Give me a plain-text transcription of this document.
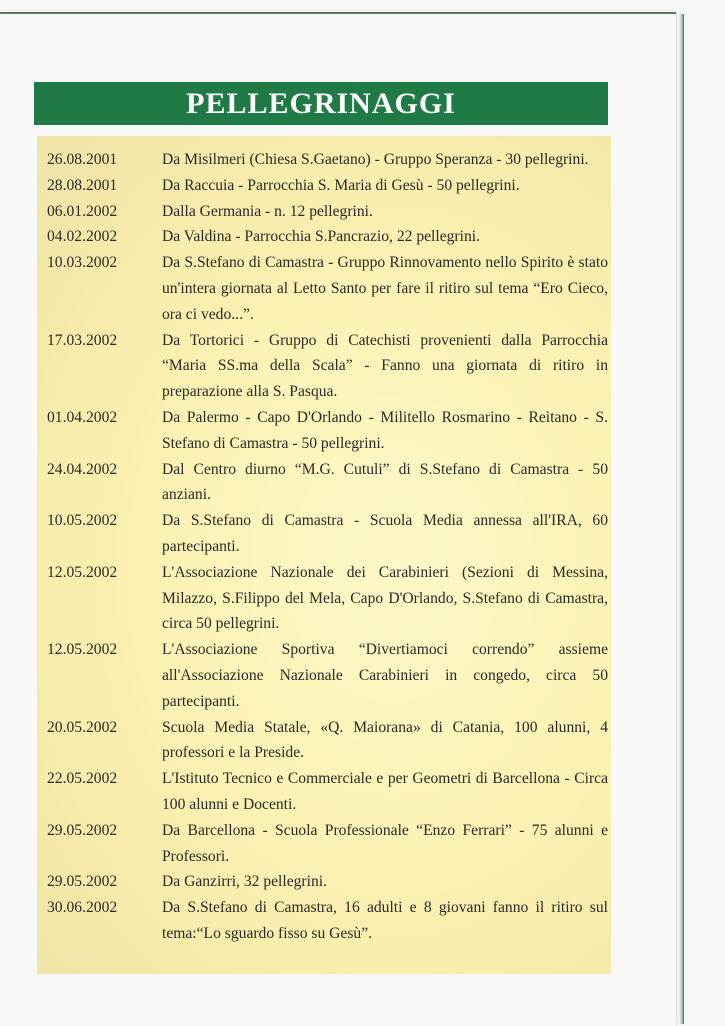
PELLEGRINAGGI
26.08.2001	Da Misilmeri (Chiesa S.Gaetano) - Gruppo Speranza - 30 pellegrini.
28.08.2001	Da Raccuia - Parrocchia S. Maria di Gesù - 50 pellegrini.
06.01.2002	Dalla Germania - n. 12 pellegrini.
04.02.2002	Da Valdina - Parrocchia S.Pancrazio, 22 pellegrini.
10.03.2002	Da S.Stefano di Camastra - Gruppo Rinnovamento nello Spirito è stato un'intera giornata al Letto Santo per fare il ritiro sul tema “Ero Cieco, ora ci vedo...”.
17.03.2002	Da Tortorici - Gruppo di Catechisti provenienti dalla Parrocchia “Maria SS.ma della Scala” - Fanno una giornata di ritiro in preparazione alla S. Pasqua.
01.04.2002	Da Palermo - Capo D'Orlando - Militello Rosmarino - Reitano - S. Stefano di Camastra - 50 pellegrini.
24.04.2002	Dal Centro diurno “M.G. Cutuli” di S.Stefano di Camastra - 50 anziani.
10.05.2002	Da S.Stefano di Camastra - Scuola Media annessa all'IRA, 60 partecipanti.
12.05.2002	L'Associazione Nazionale dei Carabinieri (Sezioni di Messina, Milazzo, S.Filippo del Mela, Capo D'Orlando, S.Stefano di Camastra, circa 50 pellegrini.
12.05.2002	L'Associazione Sportiva “Divertiamoci correndo” assieme all'Associazione Nazionale Carabinieri in congedo, circa 50 partecipanti.
20.05.2002	Scuola Media Statale, «Q. Maiorana» di Catania, 100 alunni, 4 professori e la Preside.
22.05.2002	L'Istituto Tecnico e Commerciale e per Geometri di Barcellona - Circa 100 alunni e Docenti.
29.05.2002	Da Barcellona - Scuola Professionale “Enzo Ferrari” - 75 alunni e Professori.
29.05.2002	Da Ganzirri, 32 pellegrini.
30.06.2002	Da S.Stefano di Camastra, 16 adulti e 8 giovani fanno il ritiro sul tema:“Lo sguardo fisso su Gesù”.
